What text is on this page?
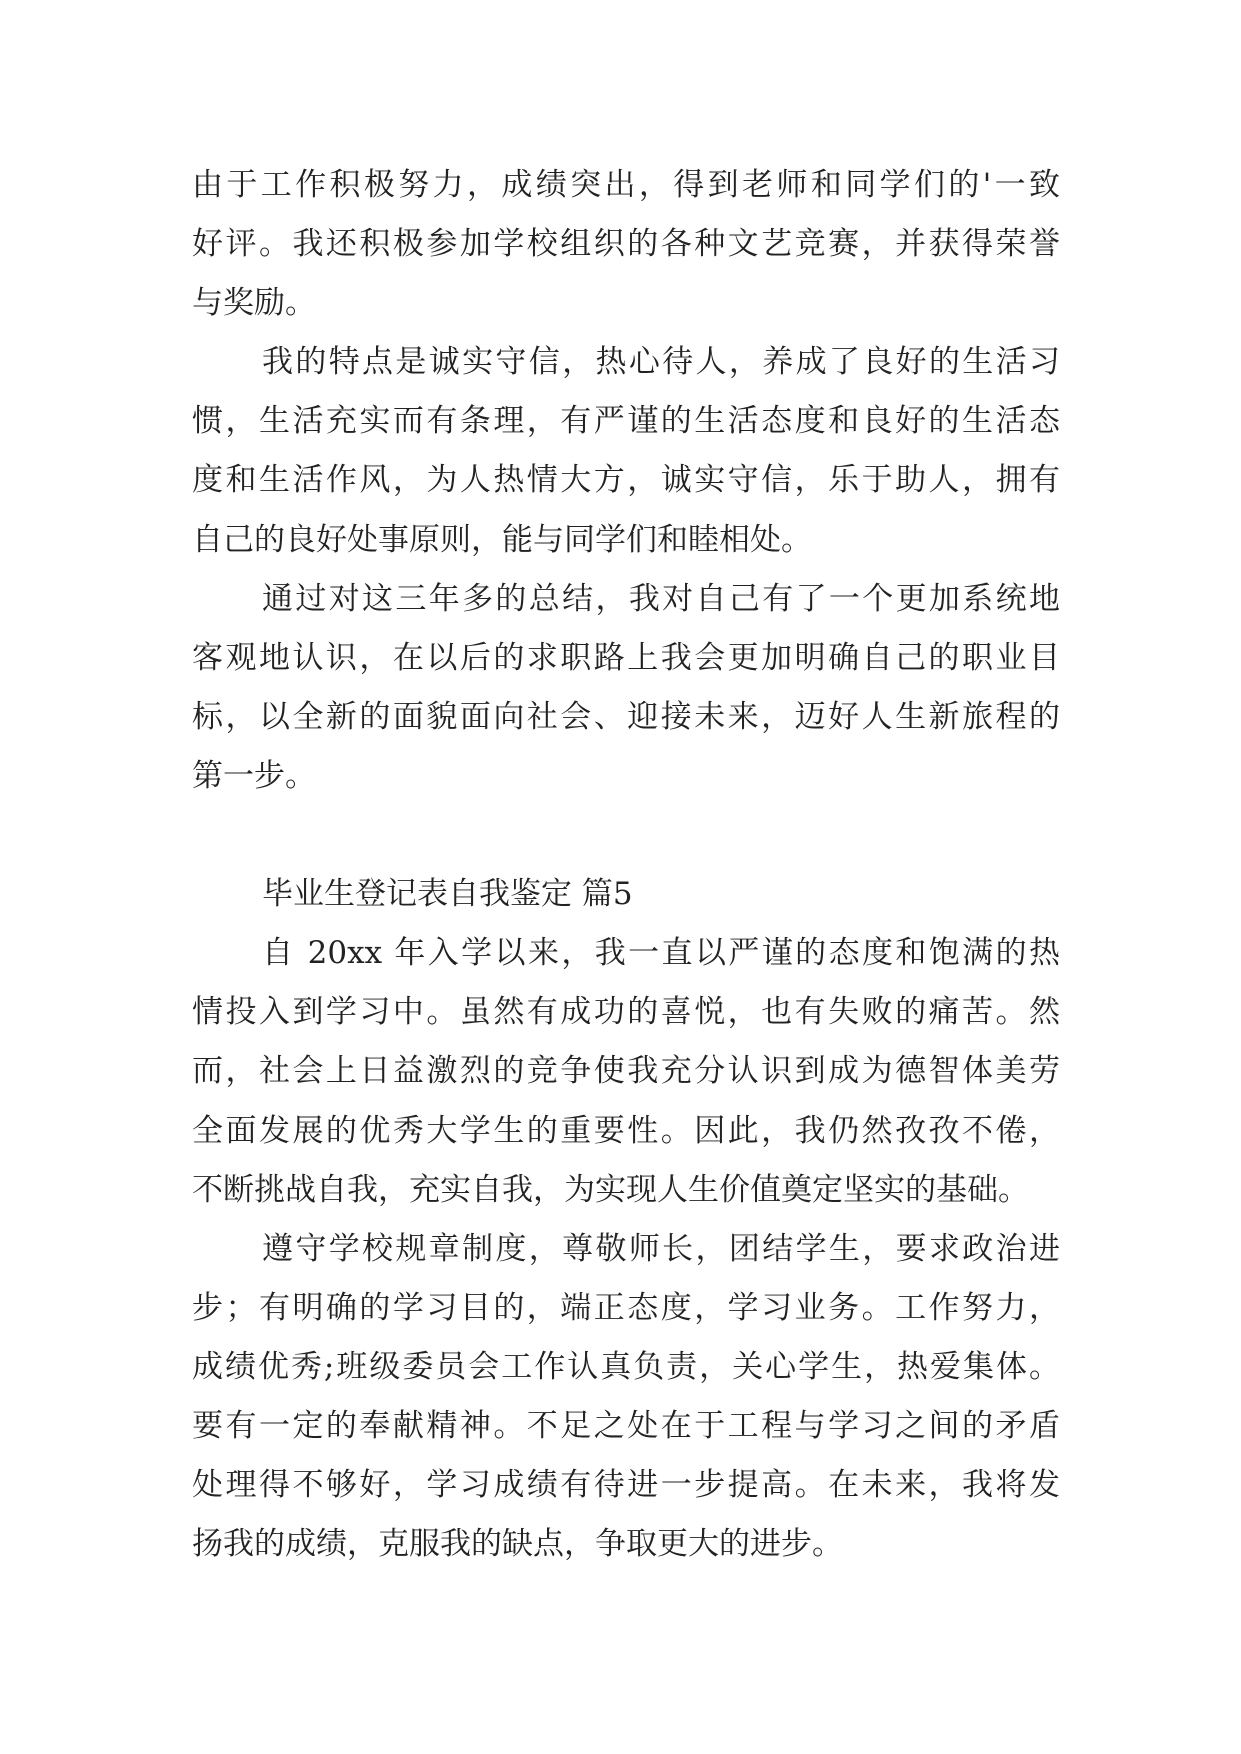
由于工作积极努力，成绩突出，得到老师和同学们的'一致
好评。我还积极参加学校组织的各种文艺竞赛，并获得荣誉
与奖励。
我的特点是诚实守信，热心待人，养成了良好的生活习
惯，生活充实而有条理，有严谨的生活态度和良好的生活态
度和生活作风，为人热情大方，诚实守信，乐于助人，拥有
自己的良好处事原则，能与同学们和睦相处。
通过对这三年多的总结，我对自己有了一个更加系统地
客观地认识，在以后的求职路上我会更加明确自己的职业目
标，以全新的面貌面向社会、迎接未来，迈好人生新旅程的
第一步。
毕业生登记表自我鉴定 篇5
自 20xx 年入学以来，我一直以严谨的态度和饱满的热
情投入到学习中。虽然有成功的喜悦，也有失败的痛苦。然
而，社会上日益激烈的竞争使我充分认识到成为德智体美劳
全面发展的优秀大学生的重要性。因此，我仍然孜孜不倦，
不断挑战自我，充实自我，为实现人生价值奠定坚实的基础。
遵守学校规章制度，尊敬师长，团结学生，要求政治进
步；有明确的学习目的，端正态度，学习业务。工作努力，
成绩优秀;班级委员会工作认真负责，关心学生，热爱集体。
要有一定的奉献精神。不足之处在于工程与学习之间的矛盾
处理得不够好，学习成绩有待进一步提高。在未来，我将发
扬我的成绩，克服我的缺点，争取更大的进步。
